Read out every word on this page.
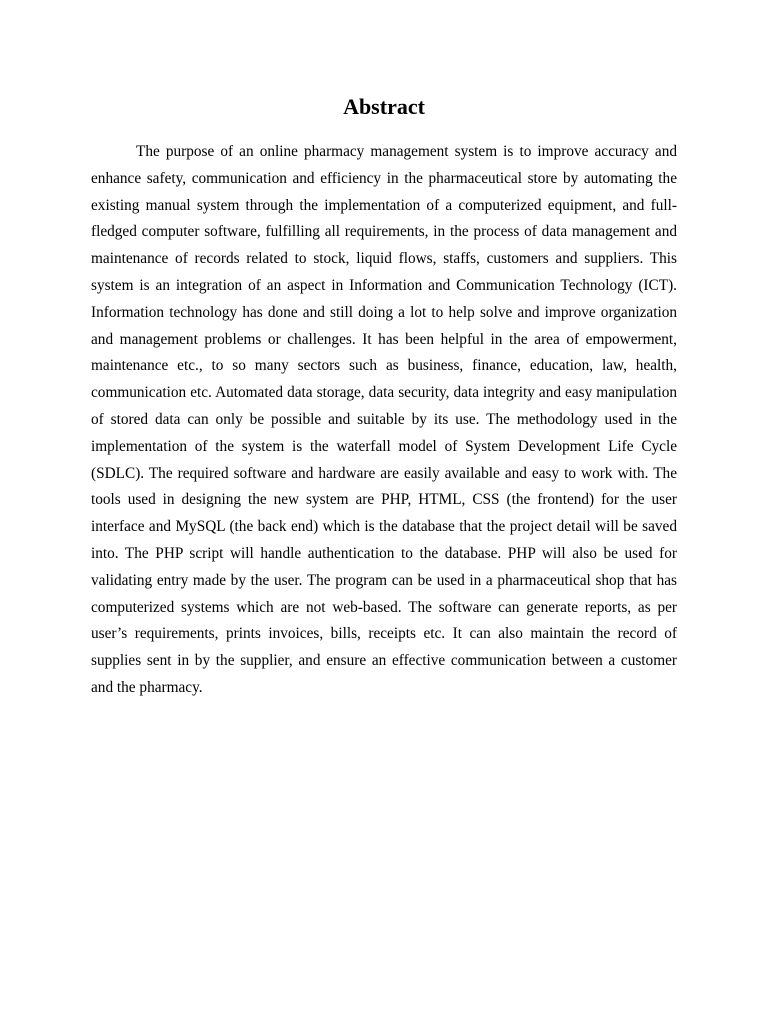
Abstract

The purpose of an online pharmacy management system is to improve accuracy and enhance safety, communication and efficiency in the pharmaceutical store by automating the existing manual system through the implementation of a computerized equipment, and full-fledged computer software, fulfilling all requirements, in the process of data management and maintenance of records related to stock, liquid flows, staffs, customers and suppliers. This system is an integration of an aspect in Information and Communication Technology (ICT). Information technology has done and still doing a lot to help solve and improve organization and management problems or challenges. It has been helpful in the area of empowerment, maintenance etc., to so many sectors such as business, finance, education, law, health, communication etc. Automated data storage, data security, data integrity and easy manipulation of stored data can only be possible and suitable by its use. The methodology used in the implementation of the system is the waterfall model of System Development Life Cycle (SDLC). The required software and hardware are easily available and easy to work with. The tools used in designing the new system are PHP, HTML, CSS (the frontend) for the user interface and MySQL (the back end) which is the database that the project detail will be saved into. The PHP script will handle authentication to the database. PHP will also be used for validating entry made by the user. The program can be used in a pharmaceutical shop that has computerized systems which are not web-based. The software can generate reports, as per user’s requirements, prints invoices, bills, receipts etc. It can also maintain the record of supplies sent in by the supplier, and ensure an effective communication between a customer and the pharmacy.
